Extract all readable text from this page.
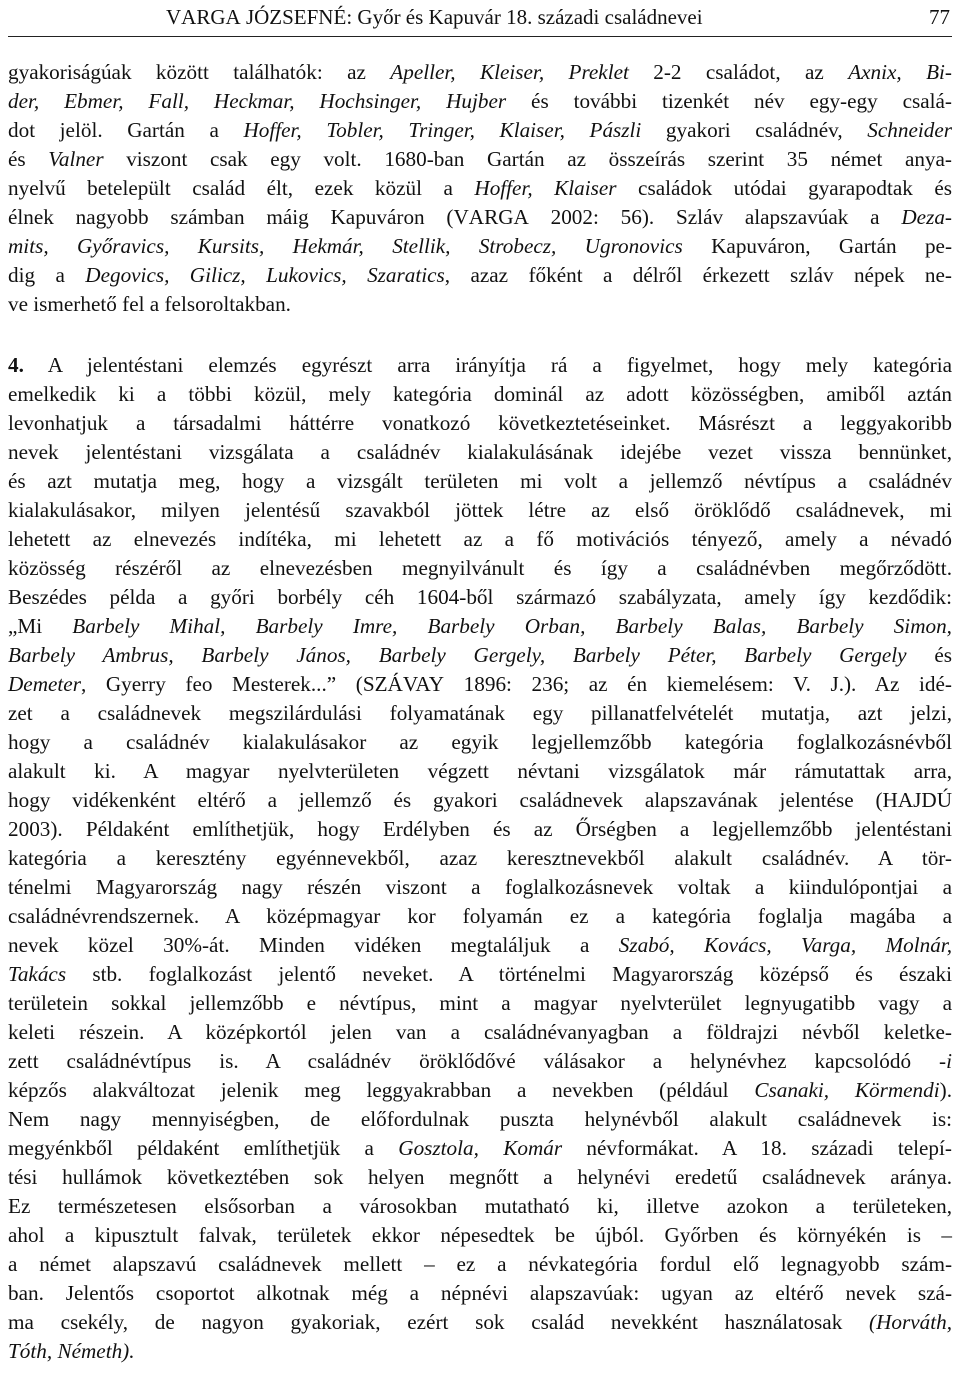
VARGA JÓZSEFNÉ: Győr és Kapuvár 18. századi családnevei	77

gyakoriságúak között találhatók: az Apeller, Kleiser, Preklet 2-2 családot, az Axnix, Bi-
der, Ebmer, Fall, Heckmar, Hochsinger, Hujber és további tizenkét név egy-egy csalá-
dot jelöl. Gartán a Hoffer, Tobler, Tringer, Klaiser, Pászli gyakori családnév, Schneider
és Valner viszont csak egy volt. 1680-ban Gartán az összeírás szerint 35 német anya-
nyelvű betelepült család élt, ezek közül a Hoffer, Klaiser családok utódai gyarapodtak és
élnek nagyobb számban máig Kapuváron (VARGA 2002: 56). Szláv alapszavúak a Deza-
mits, Győravics, Kursits, Hekmár, Stellik, Strobecz, Ugronovics Kapuváron, Gartán pe-
dig a Degovics, Gilicz, Lukovics, Szaratics, azaz főként a délről érkezett szláv népek ne-
ve ismerhető fel a felsoroltakban.

4. A jelentéstani elemzés egyrészt arra irányítja rá a figyelmet, hogy mely kategória
emelkedik ki a többi közül, mely kategória dominál az adott közösségben, amiből aztán
levonhatjuk a társadalmi háttérre vonatkozó következtetéseinket. Másrészt a leggyakoribb
nevek jelentéstani vizsgálata a családnév kialakulásának idejébe vezet vissza bennünket,
és azt mutatja meg, hogy a vizsgált területen mi volt a jellemző névtípus a családnév
kialakulásakor, milyen jelentésű szavakból jöttek létre az első öröklődő családnevek, mi
lehetett az elnevezés indítéka, mi lehetett az a fő motivációs tényező, amely a névadó
közösség részéről az elnevezésben megnyilvánult és így a családnévben megőrződött.
Beszédes példa a győri borbély céh 1604-ből származó szabályzata, amely így kezdődik:
„Mi Barbely Mihal, Barbely Imre, Barbely Orban, Barbely Balas, Barbely Simon,
Barbely Ambrus, Barbely János, Barbely Gergely, Barbely Péter, Barbely Gergely és
Demeter, Gyerry feo Mesterek...” (SZÁVAY 1896: 236; az én kiemelésem: V. J.). Az idé-
zet a családnevek megszilárdulási folyamatának egy pillanatfelvételét mutatja, azt jelzi,
hogy a családnév kialakulásakor az egyik legjellemzőbb kategória foglalkozásnévből
alakult ki. A magyar nyelvterületen végzett névtani vizsgálatok már rámutattak arra,
hogy vidékenként eltérő a jellemző és gyakori családnevek alapszavának jelentése (HAJDÚ
2003). Példaként említhetjük, hogy Erdélyben és az Őrségben a legjellemzőbb jelentéstani
kategória a keresztény egyénnevekből, azaz keresztnevekből alakult családnév. A tör-
ténelmi Magyarország nagy részén viszont a foglalkozásnevek voltak a kiindulópontjai a
családnévrendszernek. A középmagyar kor folyamán ez a kategória foglalja magába a
nevek közel 30%-át. Minden vidéken megtaláljuk a Szabó, Kovács, Varga, Molnár,
Takács stb. foglalkozást jelentő neveket. A történelmi Magyarország középső és északi
területein sokkal jellemzőbb e névtípus, mint a magyar nyelvterület legnyugatibb vagy a
keleti részein. A középkortól jelen van a családnévanyagban a földrajzi névből keletke-
zett családnévtípus is. A családnév öröklődővé válásakor a helynévhez kapcsolódó -i
képzős alakváltozat jelenik meg leggyakrabban a nevekben (például Csanaki, Körmendi).
Nem nagy mennyiségben, de előfordulnak puszta helynévből alakult családnevek is:
megyénkből példaként említhetjük a Gosztola, Komár névformákat. A 18. századi telepí-
tési hullámok következtében sok helyen megnőtt a helynévi eredetű családnevek aránya.
Ez természetesen elsősorban a városokban mutatható ki, illetve azokon a területeken,
ahol a kipusztult falvak, területek ekkor népesedtek be újból. Győrben és környékén is –
a német alapszavú családnevek mellett – ez a névkategória fordul elő legnagyobb szám-
ban. Jelentős csoportot alkotnak még a népnévi alapszavúak: ugyan az eltérő nevek szá-
ma csekély, de nagyon gyakoriak, ezért sok család nevekként használatosak (Horváth,
Tóth, Németh).
